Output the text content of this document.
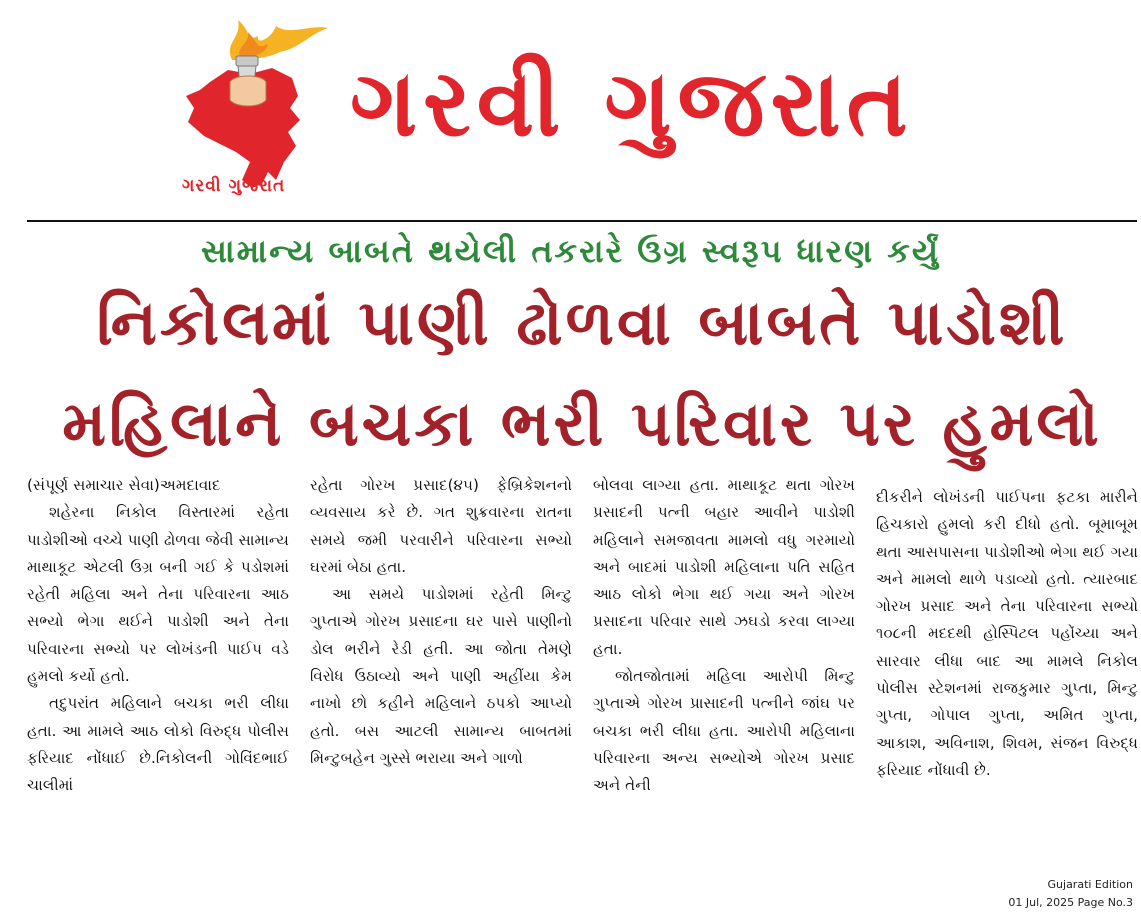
ગરવી ગુજરાત
ગરવી ગુજરાત
સામાન્ય બાબતે થયેલી તકરારે ઉગ્ર સ્વરૂપ ધારણ કર્યું
નિકોલમાં પાણી ઢોળવા બાબતે પાડોશી
મહિલાને બચકા ભરી પરિવાર પર હુમલો

(સંપૂર્ણ સમાચાર સેવા)અમદાવાદ

શહેરના નિકોલ વિસ્તારમાં રહેતા પાડોશીઓ વચ્ચે પાણી ઢોળવા જેવી સામાન્ય માથાકૂટ એટલી ઉગ્ર બની ગઈ કે પડોશમાં રહેતી મહિલા અને તેના પરિવારના આઠ સભ્યો ભેગા થઈને પાડોશી અને તેના પરિવારના સભ્યો પર લોખંડની પાઈપ વડે હુમલો કર્યો હતો.

તદુપરાંત મહિલાને બચકા ભરી લીધા હતા. આ મામલે આઠ લોકો વિરુદ્ધ પોલીસ ફરિયાદ નોંધાઈ છે.નિકોલની ગોવિંદભાઈ ચાલીમાં

રહેતા ગોરખ પ્રસાદ(૪૫) ફેબ્રિકેશનનો વ્યવસાય કરે છે. ગત શુક્રવારના રાતના સમયે જમી પરવારીને પરિવારના સભ્યો ઘરમાં બેઠા હતા.

આ સમયે પાડોશમાં રહેતી મિન્ટુ ગુપ્તાએ ગોરખ પ્રસાદના ઘર પાસે પાણીનો ડોલ ભરીને રેડી હતી. આ જોતા તેમણે વિરોધ ઉઠાવ્યો અને પાણી અહીંયા કેમ નાખો છો કહીને મહિલાને ઠપકો આપ્યો હતો. બસ આટલી સામાન્ય બાબતમાં મિન્ટુબહેન ગુસ્સે ભરાયા અને ગાળો

બોલવા લાગ્યા હતા. માથાકૂટ થતા ગોરખ પ્રસાદની પત્ની બહાર આવીને પાડોશી મહિલાને સમજાવતા મામલો વધુ ગરમાયો અને બાદમાં પાડોશી મહિલાના પતિ સહિત આઠ લોકો ભેગા થઈ ગયા અને ગોરખ પ્રસાદના પરિવાર સાથે ઝઘડો કરવા લાગ્યા હતા.

જોતજોતામાં મહિલા આરોપી મિન્ટુ ગુપ્તાએ ગોરખ પ્રાસાદની પત્નીને જાંઘ પર બચકા ભરી લીધા હતા. આરોપી મહિલાના પરિવારના અન્ય સભ્યોએ ગોરખ પ્રસાદ અને તેની

દીકરીને લોખંડની પાઈપના ફટકા મારીને હિચકારો હુમલો કરી દીધો હતો. બૂમાબૂમ થતા આસપાસના પાડોશીઓ ભેગા થઈ ગયા અને મામલો થાળે પડાવ્યો હતો. ત્યારબાદ ગોરખ પ્રસાદ અને તેના પરિવારના સભ્યો ૧૦૮ની મદદથી હોસ્પિટલ પહોંચ્યા અને સારવાર લીધા બાદ આ મામલે નિકોલ પોલીસ સ્ટેશનમાં રાજકુમાર ગુપ્તા, મિન્ટુ ગુપ્તા, ગોપાલ ગુપ્તા, અમિત ગુપ્તા, આકાશ, અવિનાશ, શિવમ, સંજન વિરુદ્ધ ફરિયાદ નોંધાવી છે.

Gujarati Edition
01 Jul, 2025 Page No.3
